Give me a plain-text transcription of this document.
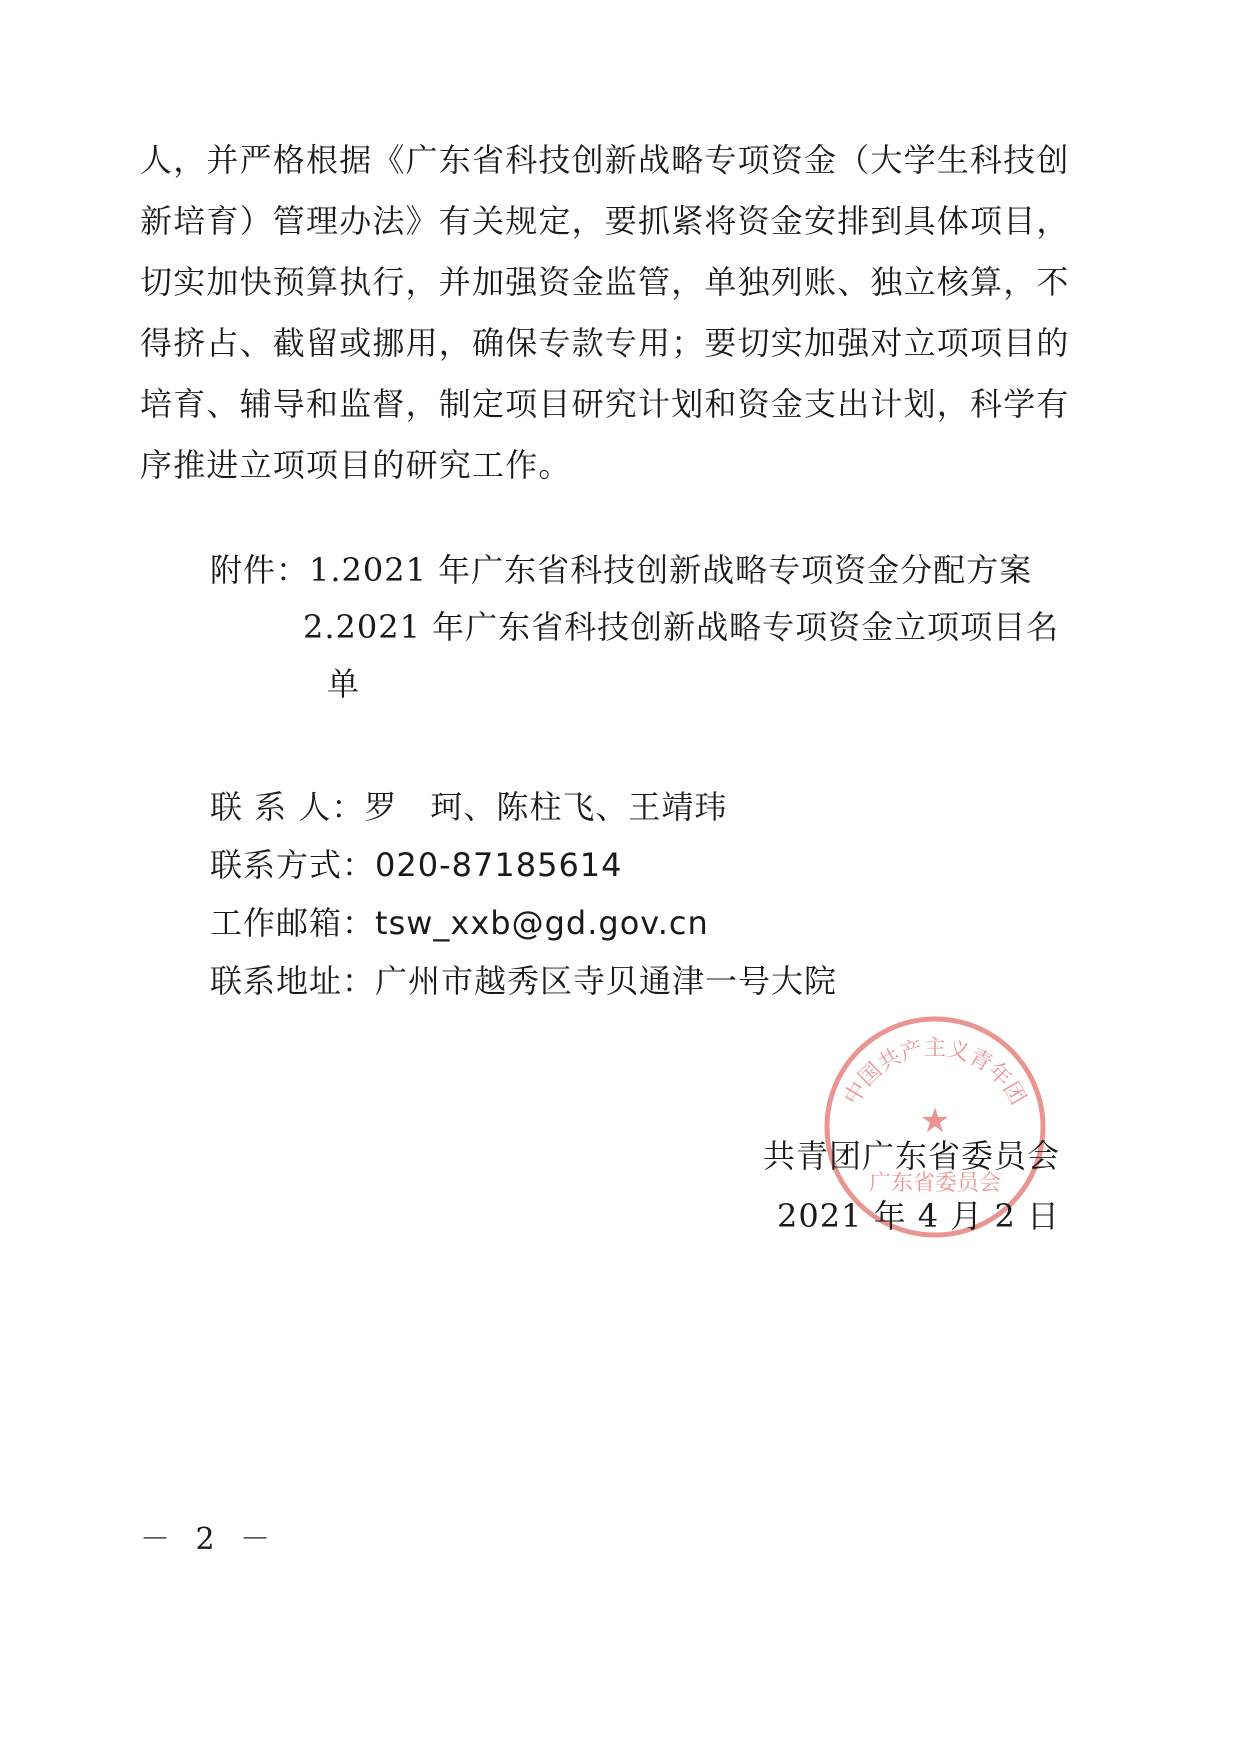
人，并严格根据《广东省科技创新战略专项资金（大学生科技创
新培育）管理办法》有关规定，要抓紧将资金安排到具体项目，
切实加快预算执行，并加强资金监管，单独列账、独立核算，不
得挤占、截留或挪用，确保专款专用；要切实加强对立项项目的
培育、辅导和监督，制定项目研究计划和资金支出计划，科学有
序推进立项项目的研究工作。
附件：1.2021 年广东省科技创新战略专项资金分配方案
2.2021 年广东省科技创新战略专项资金立项项目名
单
联 系 人：罗　珂、陈柱飞、王靖玮
联系方式：020-87185614
工作邮箱：tsw_xxb@gd.gov.cn
联系地址：广州市越秀区寺贝通津一号大院
中国共产主义青年团
★
广东省委员会
共青团广东省委员会
2021 年 4 月 2 日
－ 2 －
